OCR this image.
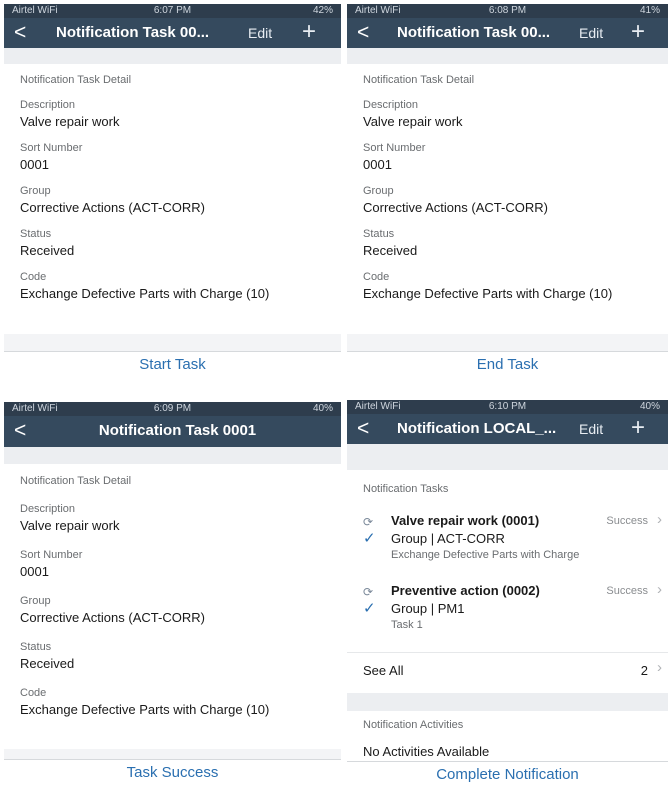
Airtel WiFi	6:07 PM	42%
< Notification Task 00...	Edit +
Notification Task Detail
Description
Valve repair work
Sort Number
0001
Group
Corrective Actions (ACT-CORR)
Status
Received
Code
Exchange Defective Parts with Charge (10)
Start Task
Airtel WiFi	6:08 PM	41%
< Notification Task 00... Edit +
Notification Task Detail
Description
Valve repair work
Sort Number
0001
Group
Corrective Actions (ACT-CORR)
Status
Received
Code
Exchange Defective Parts with Charge (10)
End Task
Airtel WiFi	6:09 PM	40%
<	Notification Task 0001
Notification Task Detail
Description
Valve repair work
Sort Number
0001
Group
Corrective Actions (ACT-CORR)
Status
Received
Code
Exchange Defective Parts with Charge (10)
Task Success
Airtel WiFi	6:10 PM	40%
< Notification LOCAL_... Edit +
Notification Tasks
⟳ Valve repair work (0001)	Success ›
✓ Group | ACT-CORR
Exchange Defective Parts with Charge
⟳ Preventive action (0002)	Success ›
✓ Group | PM1
Task 1
See All	2 ›
Notification Activities
No Activities Available
Complete Notification
